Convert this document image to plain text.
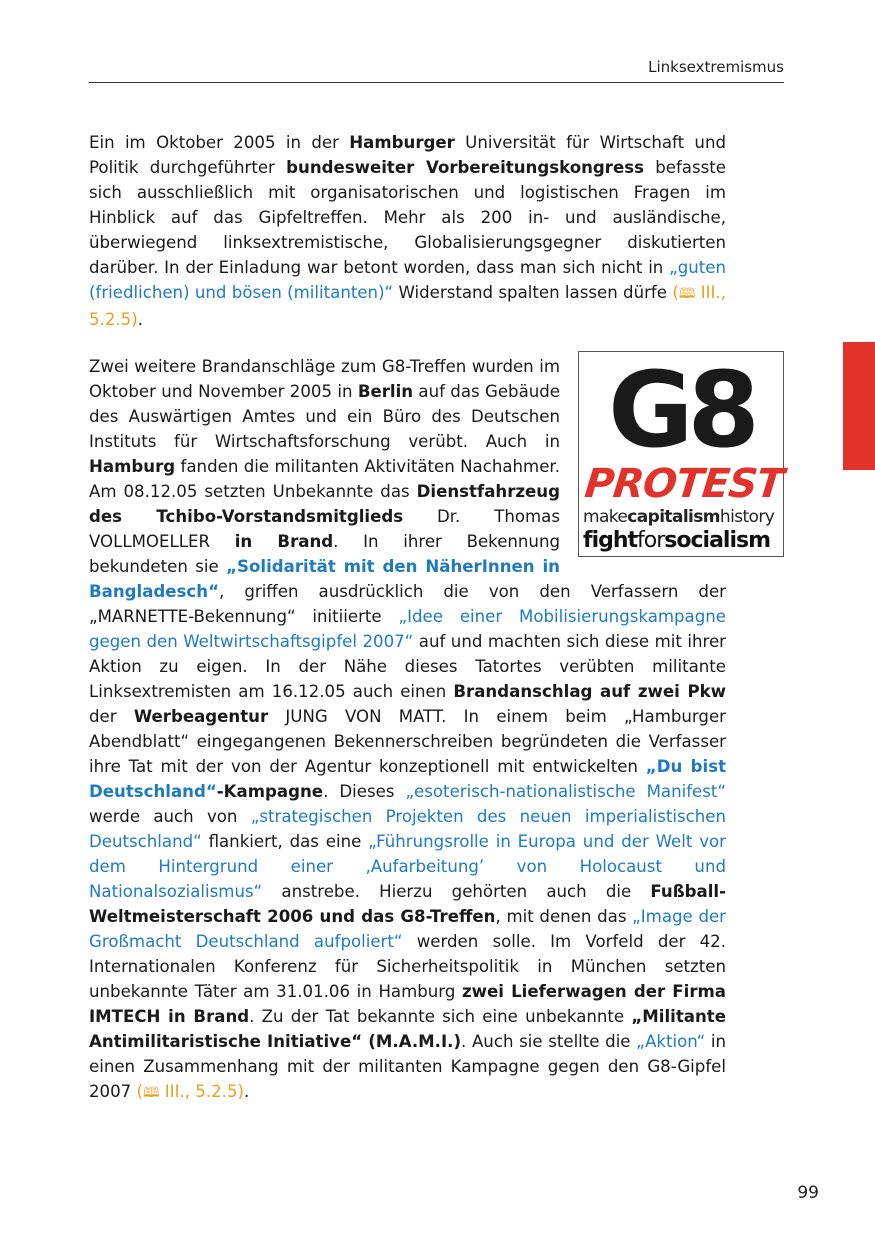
Linksextremismus

Ein im Oktober 2005 in der Hamburger Universität für Wirtschaft und Politik durchgeführter bundesweiter Vorbereitungskongress befasste sich ausschließlich mit organisatorischen und logistischen Fragen im Hinblick auf das Gipfeltreffen. Mehr als 200 in- und ausländische, überwiegend linksextremistische, Globalisierungsgegner diskutierten darüber. In der Einladung war betont worden, dass man sich nicht in „guten (friedlichen) und bösen (militanten)“ Widerstand spalten lassen dürfe (🕮 III., 5.2.5).

G8
PROTEST
makecapitalismhistory
fightforsocialism
Zwei weitere Brandanschläge zum G8-Treffen wurden im Oktober und November 2005 in Berlin auf das Gebäude des Auswärtigen Amtes und ein Büro des Deutschen Instituts für Wirtschaftsforschung verübt. Auch in Hamburg fanden die militanten Aktivitäten Nachahmer. Am 08.12.05 setzten Unbekannte das Dienstfahrzeug des Tchibo-Vorstandsmitglieds Dr. Thomas VOLLMOELLER in Brand. In ihrer Bekennung bekundeten sie „Solidarität mit den NäherInnen in Bangladesch“, griffen ausdrücklich die von den Verfassern der „MARNETTE-Bekennung“ initiierte „Idee einer Mobilisierungskampagne gegen den Weltwirtschaftsgipfel 2007“ auf und machten sich diese mit ihrer Aktion zu eigen. In der Nähe dieses Tatortes verübten militante Linksextremisten am 16.12.05 auch einen Brandanschlag auf zwei Pkw der Werbeagentur JUNG VON MATT. In einem beim „Hamburger Abendblatt“ eingegangenen Bekennerschreiben begründeten die Verfasser ihre Tat mit der von der Agentur konzeptionell mit entwickelten „Du bist Deutschland“-Kampagne. Dieses „esoterisch-nationalistische Manifest“ werde auch von „strategischen Projekten des neuen imperialistischen Deutschland“ flankiert, das eine „Führungsrolle in Europa und der Welt vor dem Hintergrund einer ‚Aufarbeitung’ von Holocaust und Nationalsozialismus“ anstrebe. Hierzu gehörten auch die Fußball-Weltmeisterschaft 2006 und das G8-Treffen, mit denen das „Image der Großmacht Deutschland aufpoliert“ werden solle. Im Vorfeld der 42. Internationalen Konferenz für Sicherheitspolitik in München setzten unbekannte Täter am 31.01.06 in Hamburg zwei Lieferwagen der Firma IMTECH in Brand. Zu der Tat bekannte sich eine unbekannte „Militante Antimilitaristische Initiative“ (M.A.M.I.). Auch sie stellte die „Aktion“ in einen Zusammenhang mit der militanten Kampagne gegen den G8-Gipfel 2007 (🕮 III., 5.2.5).

99
